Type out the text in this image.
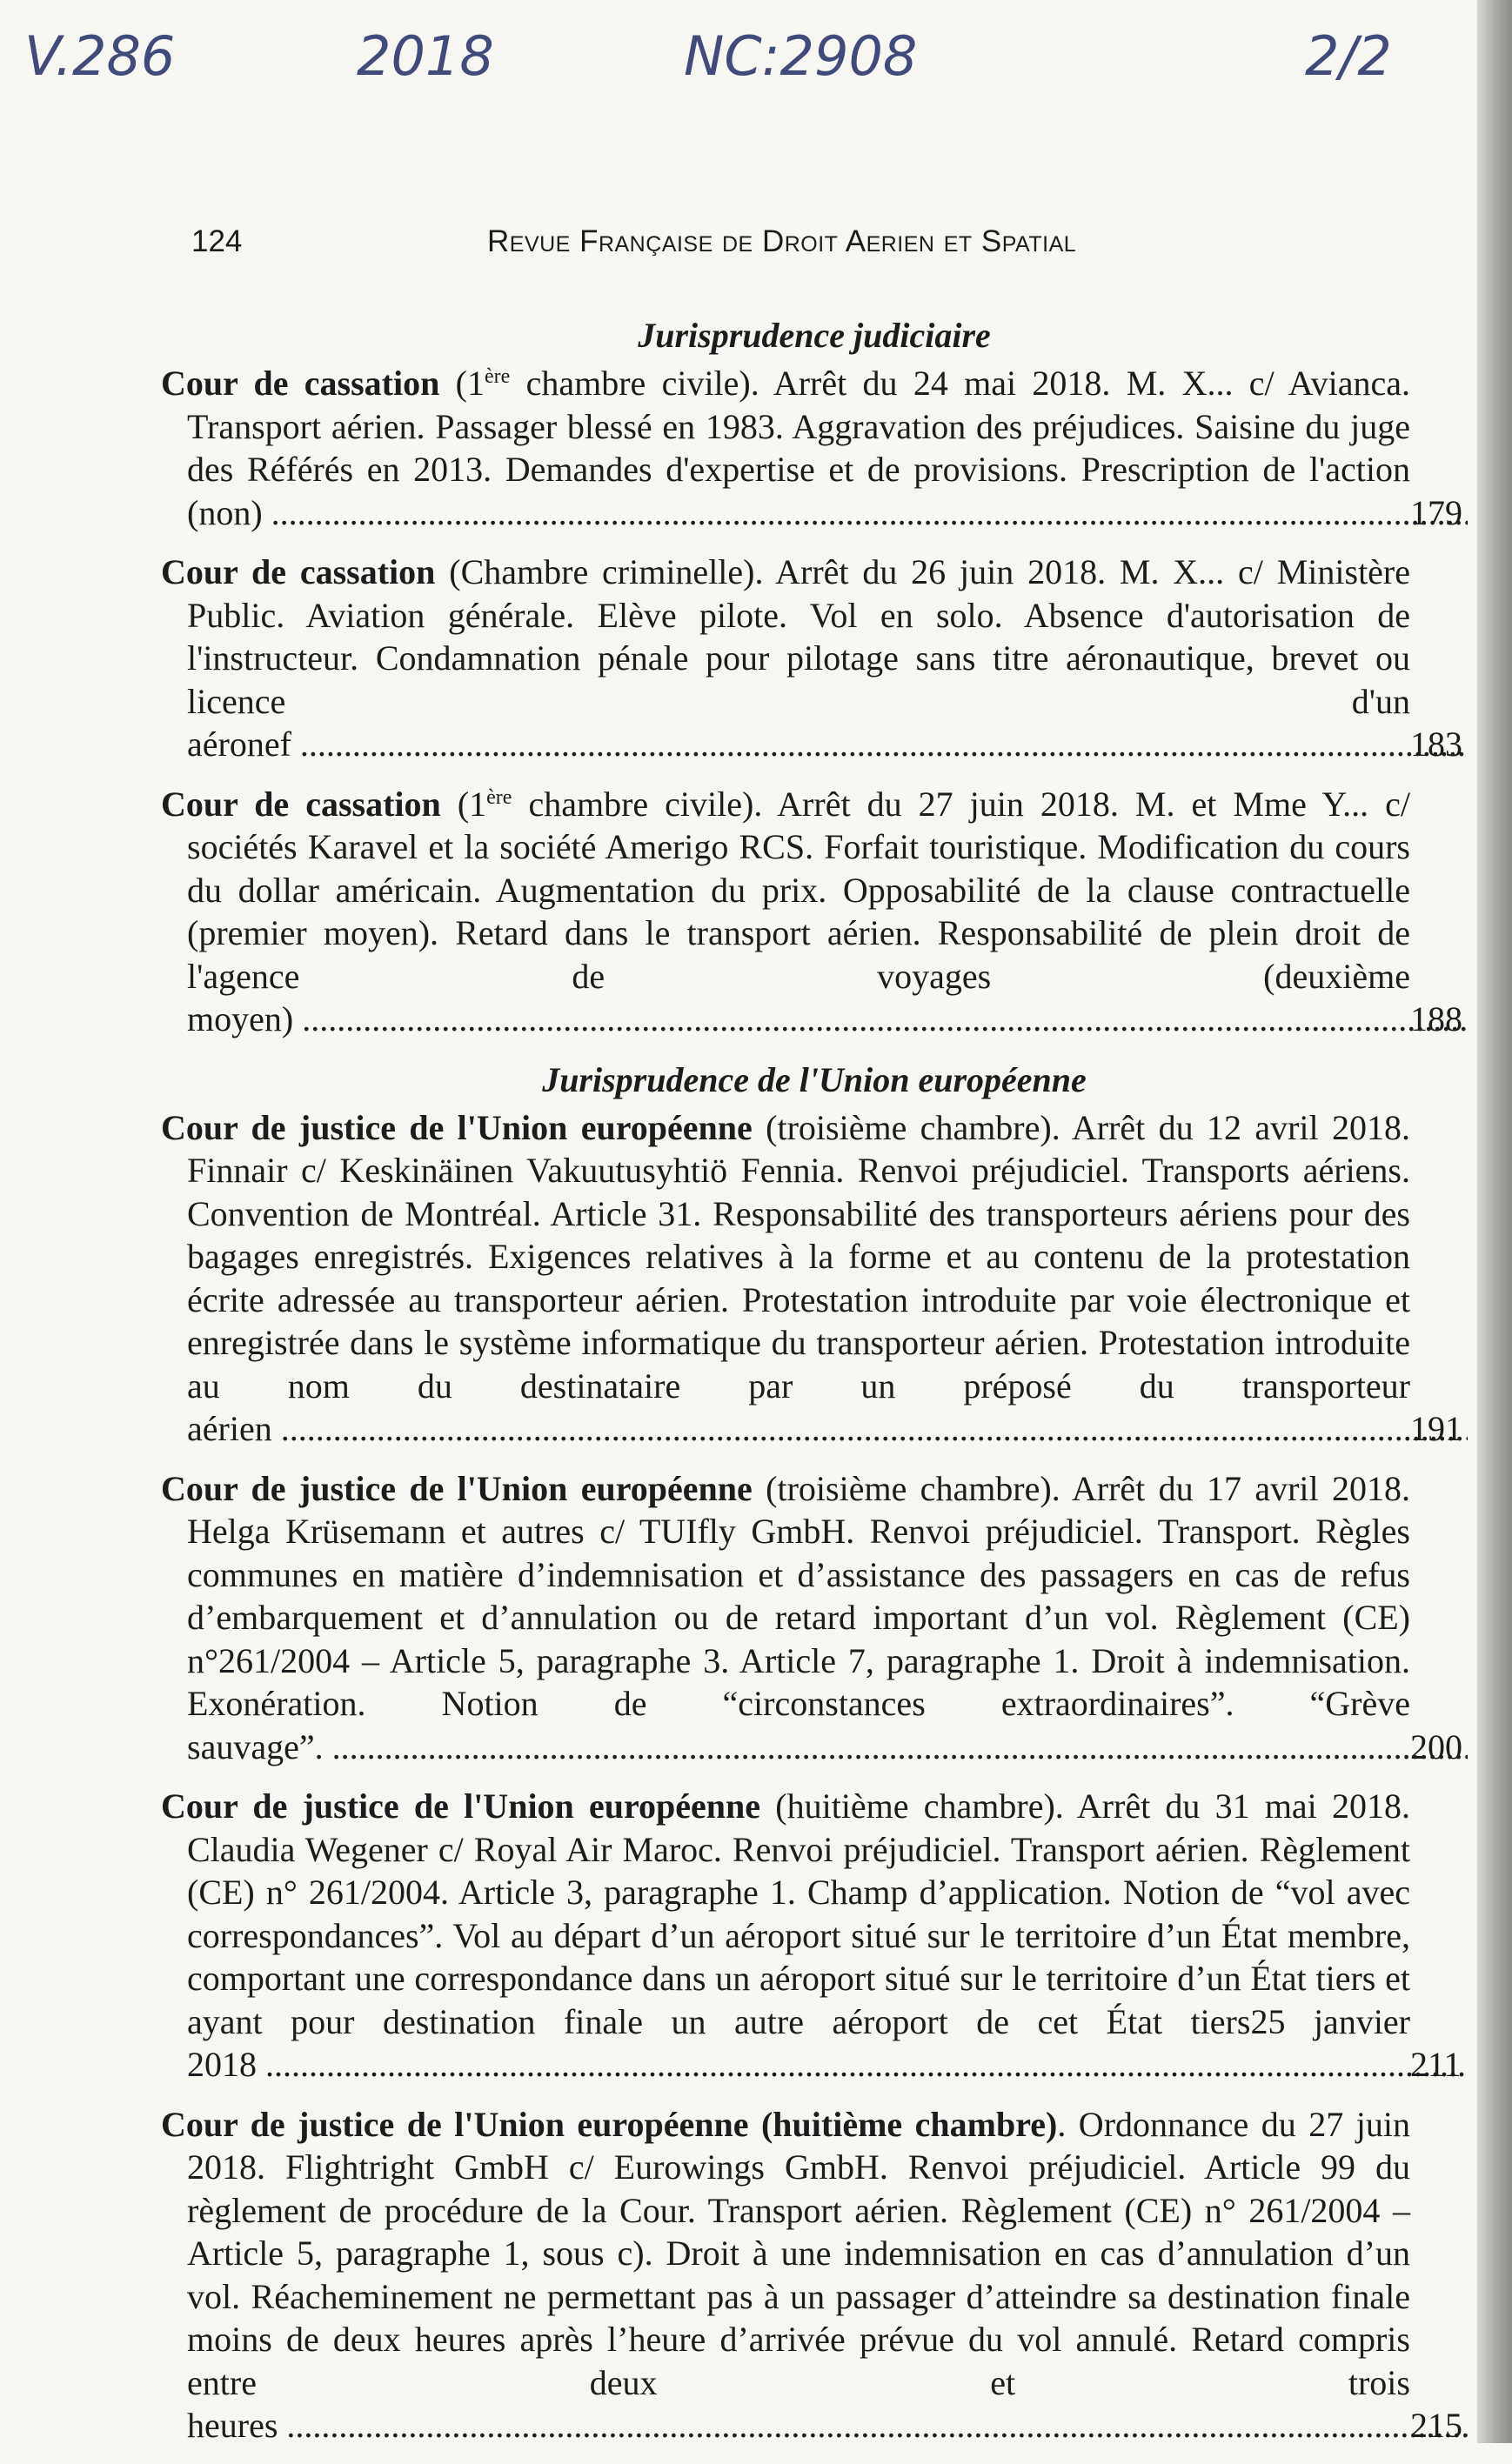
V.286	2018	NC:2908	2/2
124	Revue Française de Droit Aerien et Spatial
Jurisprudence judiciaire
Cour de cassation (1ère chambre civile). Arrêt du 24 mai 2018. M. X... c/ Avianca. Transport aérien. Passager blessé en 1983. Aggravation des préjudices. Saisine du juge des Référés en 2013. Demandes d'expertise et de provisions. Prescription de l'action (non) .....	179
Cour de cassation (Chambre criminelle). Arrêt du 26 juin 2018. M. X... c/ Ministère Public. Aviation générale. Elève pilote. Vol en solo. Absence d'autorisation de l'instructeur. Condamnation pénale pour pilotage sans titre aéronautique, brevet ou licence d'un aéronef .....	183
Cour de cassation (1ère chambre civile). Arrêt du 27 juin 2018. M. et Mme Y... c/ sociétés Karavel et la société Amerigo RCS. Forfait touristique. Modification du cours du dollar américain. Augmentation du prix. Opposabilité de la clause contractuelle (premier moyen). Retard dans le transport aérien. Responsabilité de plein droit de l'agence de voyages (deuxième moyen) .....	188
Jurisprudence de l'Union européenne
Cour de justice de l'Union européenne (troisième chambre). Arrêt du 12 avril 2018. Finnair c/ Keskinäinen Vakuutusyhtiö Fennia. Renvoi préjudiciel. Transports aériens. Convention de Montréal. Article 31. Responsabilité des transporteurs aériens pour des bagages enregistrés. Exigences relatives à la forme et au contenu de la protestation écrite adressée au transporteur aérien. Protestation introduite par voie électronique et enregistrée dans le système informatique du transporteur aérien. Protestation introduite au nom du destinataire par un préposé du transporteur aérien .....	191
Cour de justice de l'Union européenne (troisième chambre). Arrêt du 17 avril 2018. Helga Krüsemann et autres c/ TUIfly GmbH. Renvoi préjudiciel. Transport. Règles communes en matière d’indemnisation et d’assistance des passagers en cas de refus d’embarquement et d’annulation ou de retard important d’un vol. Règlement (CE) n°261/2004 – Article 5, paragraphe 3. Article 7, paragraphe 1. Droit à indemnisation. Exonération. Notion de “circonstances extraordinaires”. “Grève sauvage”. .....	200
Cour de justice de l'Union européenne (huitième chambre). Arrêt du 31 mai 2018. Claudia Wegener c/ Royal Air Maroc. Renvoi préjudiciel. Transport aérien. Règlement (CE) n° 261/2004. Article 3, paragraphe 1. Champ d’application. Notion de “vol avec correspondances”. Vol au départ d’un aéroport situé sur le territoire d’un État membre, comportant une correspondance dans un aéroport situé sur le territoire d’un État tiers et ayant pour destination finale un autre aéroport de cet État tiers25 janvier 2018 .....	211
Cour de justice de l'Union européenne (huitième chambre). Ordonnance du 27 juin 2018. Flightright GmbH c/ Eurowings GmbH. Renvoi préjudiciel. Article 99 du règlement de procédure de la Cour. Transport aérien. Règlement (CE) n° 261/2004 – Article 5, paragraphe 1, sous c). Droit à une indemnisation en cas d’annulation d’un vol. Réacheminement ne permettant pas à un passager d’atteindre sa destination finale moins de deux heures après l’heure d’arrivée prévue du vol annulé. Retard compris entre deux et trois heures .....	215
